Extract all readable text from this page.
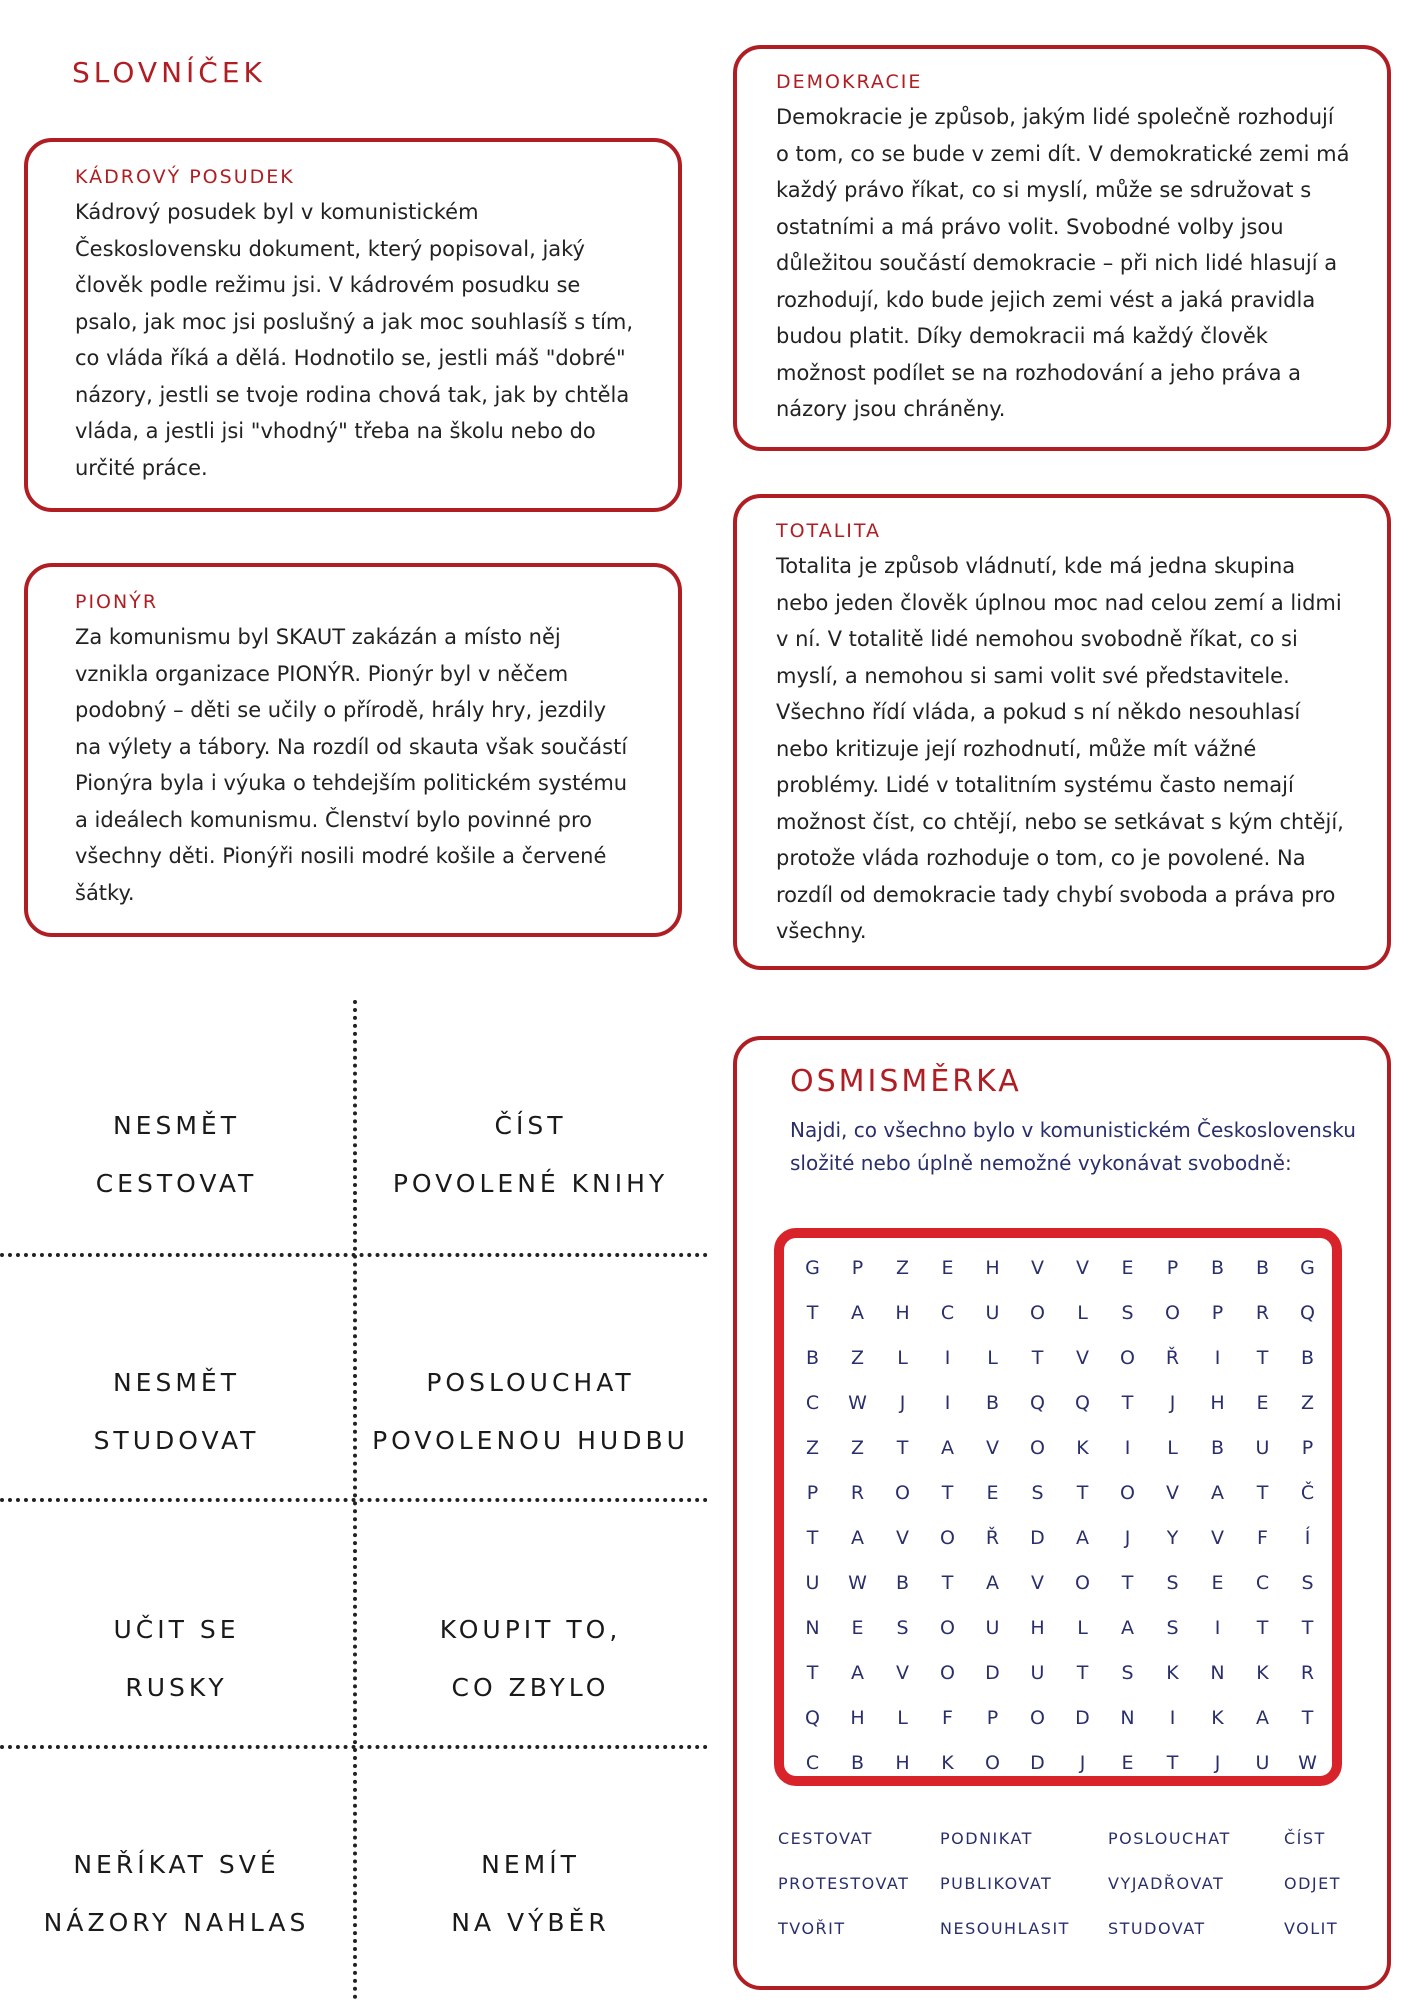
SLOVNÍČEK
KÁDROVÝ POSUDEK
Kádrový posudek byl v komunistickém Československu dokument, který popisoval, jaký člověk podle režimu jsi. V kádrovém posudku se psalo, jak moc jsi poslušný a jak moc souhlasíš s tím, co vláda říká a dělá. Hodnotilo se, jestli máš "dobré" názory, jestli se tvoje rodina chová tak, jak by chtěla vláda, a jestli jsi "vhodný" třeba na školu nebo do určité práce.
PIONÝR
Za komunismu byl SKAUT zakázán a místo něj vznikla organizace PIONÝR. Pionýr byl v něčem podobný – děti se učily o přírodě, hrály hry, jezdily na výlety a tábory. Na rozdíl od skauta však součástí Pionýra byla i výuka o tehdejším politickém systému a ideálech komunismu. Členství bylo povinné pro všechny děti. Pionýři nosili modré košile a červené šátky.
DEMOKRACIE
Demokracie je způsob, jakým lidé společně rozhodují o tom, co se bude v zemi dít. V demokratické zemi má každý právo říkat, co si myslí, může se sdružovat s ostatními a má právo volit. Svobodné volby jsou důležitou součástí demokracie – při nich lidé hlasují a rozhodují, kdo bude jejich zemi vést a jaká pravidla budou platit. Díky demokracii má každý člověk možnost podílet se na rozhodování a jeho práva a názory jsou chráněny.
TOTALITA
Totalita je způsob vládnutí, kde má jedna skupina nebo jeden člověk úplnou moc nad celou zemí a lidmi v ní. V totalitě lidé nemohou svobodně říkat, co si myslí, a nemohou si sami volit své představitele. Všechno řídí vláda, a pokud s ní někdo nesouhlasí nebo kritizuje její rozhodnutí, může mít vážné problémy. Lidé v totalitním systému často nemají možnost číst, co chtějí, nebo se setkávat s kým chtějí, protože vláda rozhoduje o tom, co je povolené. Na rozdíl od demokracie tady chybí svoboda a práva pro všechny.
NESMĚT
CESTOVAT
ČÍST
POVOLENÉ KNIHY
NESMĚT
STUDOVAT
POSLOUCHAT
POVOLENOU HUDBU
UČIT SE
RUSKY
KOUPIT TO,
CO ZBYLO
NEŘÍKAT SVÉ
NÁZORY NAHLAS
NEMÍT
NA VÝBĚR
OSMISMĚRKA
Najdi, co všechno bylo v komunistickém Československu složité nebo úplně nemožné vykonávat svobodně:
G	P	Z	E	H	V	V	E	P	B	B	G
T	A	H	C	U	O	L	S	O	P	R	Q
B	Z	L	I	L	T	V	O	Ř	I	T	B
C	W	J	I	B	Q	Q	T	J	H	E	Z
Z	Z	T	A	V	O	K	I	L	B	U	P
P	R	O	T	E	S	T	O	V	A	T	Č
T	A	V	O	Ř	D	A	J	Y	V	F	Í
U	W	B	T	A	V	O	T	S	E	C	S
N	E	S	O	U	H	L	A	S	I	T	T
T	A	V	O	D	U	T	S	K	N	K	R
Q	H	L	F	P	O	D	N	I	K	A	T
C	B	H	K	O	D	J	E	T	J	U	W
CESTOVAT	PODNIKAT	POSLOUCHAT	ČÍST
PROTESTOVAT	PUBLIKOVAT	VYJADŘOVAT	ODJET
TVOŘIT	NESOUHLASIT	STUDOVAT	VOLIT
